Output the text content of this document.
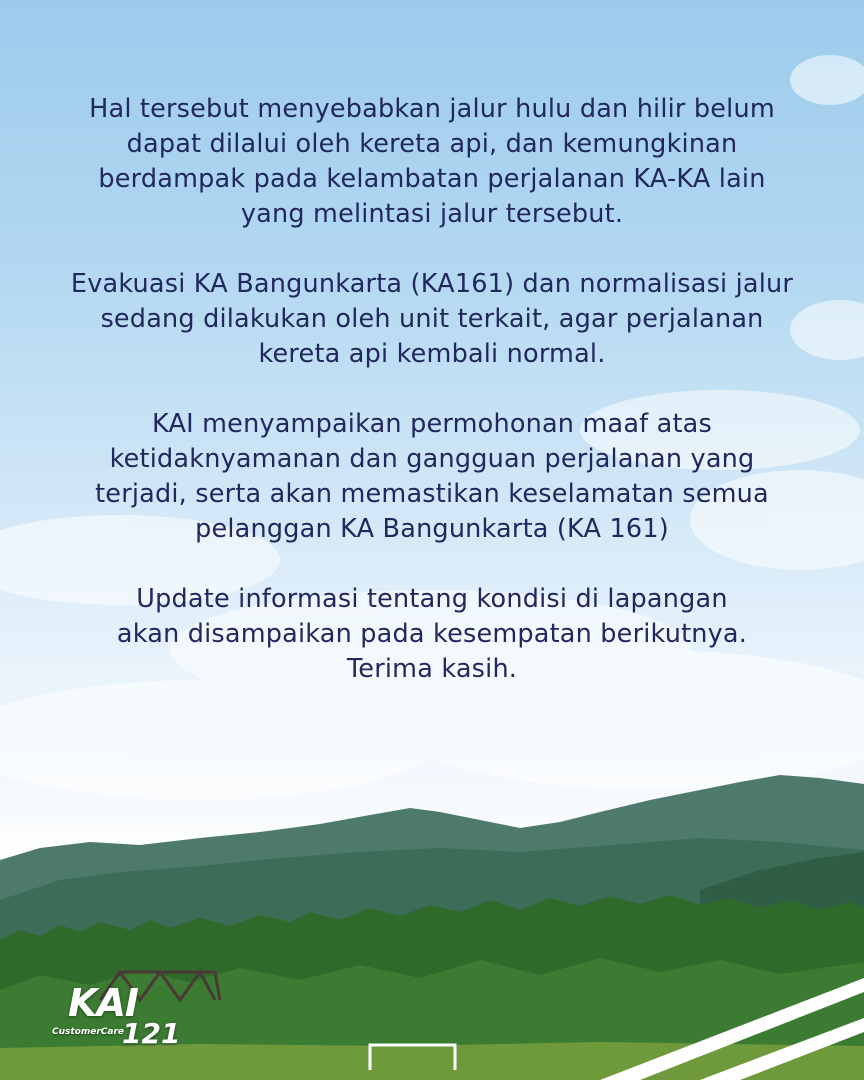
Hal tersebut menyebabkan jalur hulu dan hilir belum
dapat dilalui oleh kereta api, dan kemungkinan
berdampak pada kelambatan perjalanan KA-KA lain
yang melintasi jalur tersebut.
Evakuasi KA Bangunkarta (KA161) dan normalisasi jalur
sedang dilakukan oleh unit terkait, agar perjalanan
kereta api kembali normal.
KAI menyampaikan permohonan maaf atas
ketidaknyamanan dan gangguan perjalanan yang
terjadi, serta akan memastikan keselamatan semua
pelanggan KA Bangunkarta (KA 161)
Update informasi tentang kondisi di lapangan
akan disampaikan pada kesempatan berikutnya.
Terima kasih.
KAI
CustomerCare
121
